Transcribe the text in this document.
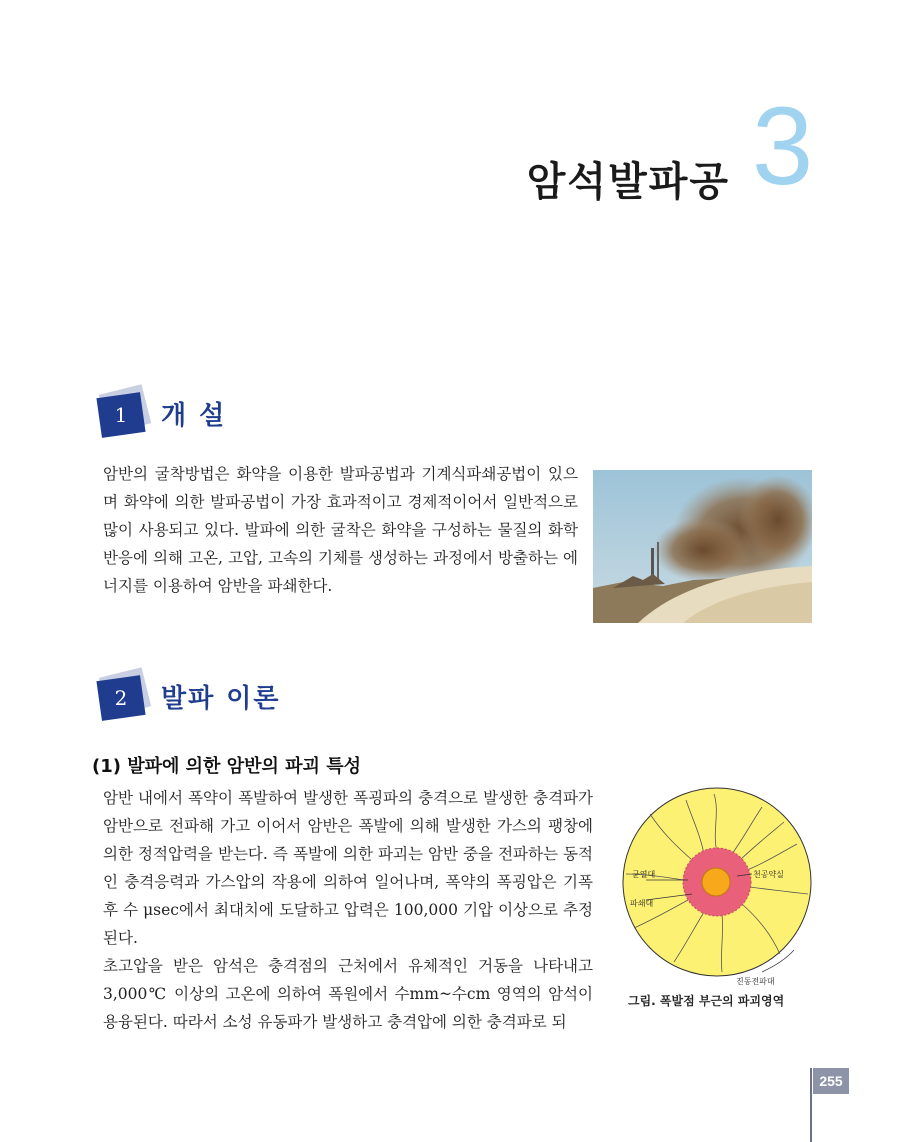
암석발파공 3
1	개 설
암반의 굴착방법은 화약을 이용한 발파공법과 기계식파쇄공법이 있으며 화약에 의한 발파공법이 가장 효과적이고 경제적이어서 일반적으로 많이 사용되고 있다. 발파에 의한 굴착은 화약을 구성하는 물질의 화학반응에 의해 고온, 고압, 고속의 기체를 생성하는 과정에서 방출하는 에너지를 이용하여 암반을 파쇄한다.
2	발파 이론
(1) 발파에 의한 암반의 파괴 특성
암반 내에서 폭약이 폭발하여 발생한 폭굉파의 충격으로 발생한 충격파가 암반으로 전파해 가고 이어서 암반은 폭발에 의해 발생한 가스의 팽창에 의한 정적압력을 받는다. 즉 폭발에 의한 파괴는 암반 중을 전파하는 동적인 충격응력과 가스압의 작용에 의하여 일어나며, 폭약의 폭굉압은 기폭 후 수 μsec에서 최대치에 도달하고 압력은 100,000 기압 이상으로 추정된다.
초고압을 받은 암석은 충격점의 근처에서 유체적인 거동을 나타내고 3,000℃ 이상의 고온에 의하여 폭원에서 수mm~수cm 영역의 암석이 용융된다. 따라서 소성 유동파가 발생하고 충격압에 의한 충격파로 되
천공약실
균열대
파쇄대
진동전파대
그림. 폭발점 부근의 파괴영역
255
